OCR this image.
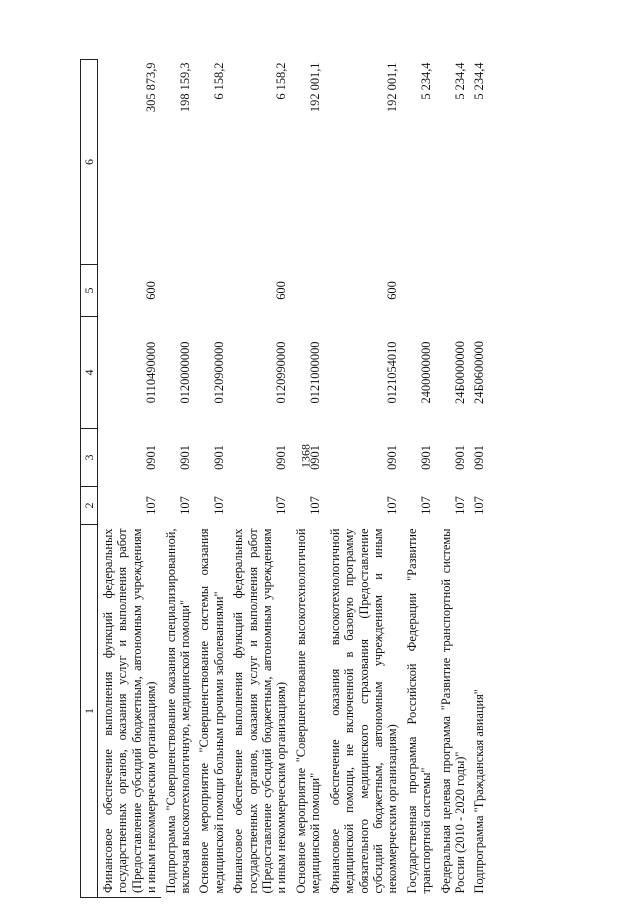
1368
1	2	3	4	5	6
Финансовое обеспечение выполнения функций федеральных государственных органов, оказания услуг и выполнения работ (Предоставление субсидий бюджетным, автономным учреждениям и иным некоммерческим организациям)	107	0901	0110490000	600	305 873,9
Подпрограмма "Совершенствование оказания специализированной, включая высокотехнологичную, медицинской помощи"	107	0901	0120000000		198 159,3
Основное мероприятие "Совершенствование системы оказания медицинской помощи больным прочими заболеваниями"	107	0901	0120900000		6 158,2
Финансовое обеспечение выполнения функций федеральных государственных органов, оказания услуг и выполнения работ (Предоставление субсидий бюджетным, автономным учреждениям и иным некоммерческим организациям)	107	0901	0120990000	600	6 158,2
Основное мероприятие "Совершенствование высокотехнологичной медицинской помощи"	107	0901	0121000000		192 001,1
Финансовое обеспечение оказания высокотехнологичной медицинской помощи, не включенной в базовую программу обязательного медицинского страхования (Предоставление субсидий бюджетным, автономным учреждениям и иным некоммерческим организациям)	107	0901	0121054010	600	192 001,1
Государственная программа Российской Федерации "Развитие транспортной системы"	107	0901	2400000000		5 234,4
Федеральная целевая программа "Развитие транспортной системы России (2010 - 2020 годы)"	107	0901	24Б0000000		5 234,4
Подпрограмма "Гражданская авиация"	107	0901	24Б0600000		5 234,4
